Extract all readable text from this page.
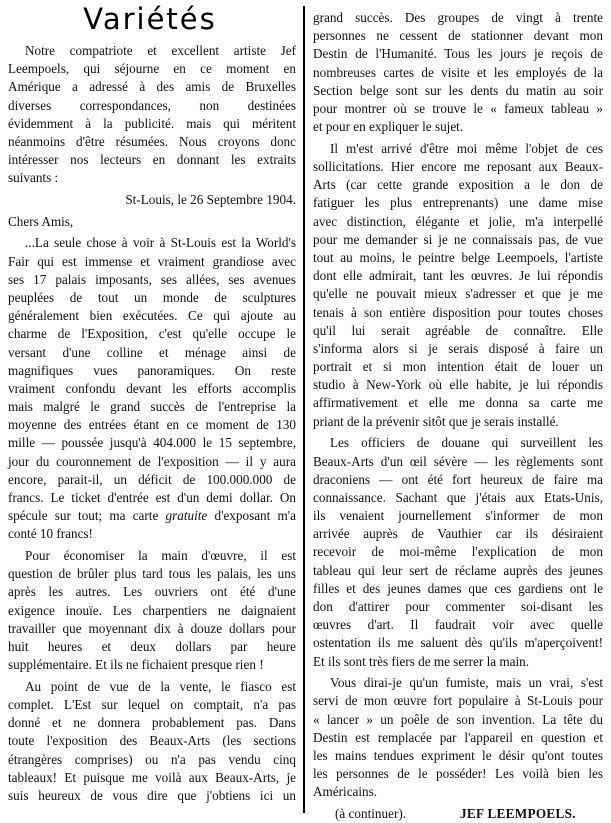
Variétés
Notre compatriote et excellent artiste Jef
Leempoels, qui séjourne en ce moment en
Amérique a adressé à des amis de Bruxelles
diverses correspondances, non destinées
évidemment à la publicité. mais qui méritent
néanmoins d'être résumées. Nous croyons donc
intéresser nos lecteurs en donnant les extraits
suivants :
St-Louis, le 26 Septembre 1904.
Chers Amis,
...La seule chose à voir à St-Louis est la World's
Fair qui est immense et vraiment grandiose avec
ses 17 palais imposants, ses allées, ses avenues
peuplées de tout un monde de sculptures
généralement bien exécutées. Ce qui ajoute au
charme de l'Exposition, c'est qu'elle occupe le
versant d'une colline et ménage ainsi de
magnifiques vues panoramiques. On reste
vraiment confondu devant les efforts accomplis
mais malgré le grand succès de l'entreprise la
moyenne des entrées étant en ce moment de 130
mille — poussée jusqu'à 404.000 le 15 septembre,
jour du couronnement de l'exposition — il y aura
encore, parait-il, un déficit de 100.000.000 de
francs. Le ticket d'entrée est d'un demi dollar. On
spécule sur tout; ma carte gratuite d'exposant m'a
conté 10 francs!
Pour économiser la main d'œuvre, il est
question de brûler plus tard tous les palais, les uns
après les autres. Les ouvriers ont été d'une
exigence inouïe. Les charpentiers ne daignaient
travailler que moyennant dix à douze dollars pour
huit heures et deux dollars par heure
supplémentaire. Et ils ne fichaient presque rien !
Au point de vue de la vente, le fiasco est
complet. L'Est sur lequel on comptait, n'a pas
donné et ne donnera probablement pas. Dans
toute l'exposition des Beaux-Arts (les sections
étrangères comprises) ou n'a pas vendu cinq
tableaux! Et puisque me voilà aux Beaux-Arts, je
suis heureux de vous dire que j'obtiens ici un
grand succès. Des groupes de vingt à trente
personnes ne cessent de stationner devant mon
Destin de l'Humanité. Tous les jours je reçois de
nombreuses cartes de visite et les employés de la
Section belge sont sur les dents du matin au soir
pour montrer où se trouve le « fameux tableau »
et pour en expliquer le sujet.
Il m'est arrivé d'être moi même l'objet de ces
sollicitations. Hier encore me reposant aux Beaux-
Arts (car cette grande exposition a le don de
fatiguer les plus entreprenants) une dame mise
avec distinction, élégante et jolie, m'a interpellé
pour me demander si je ne connaissais pas, de vue
tout au moins, le peintre belge Leempoels, l'artiste
dont elle admirait, tant les œuvres. Je lui répondis
qu'elle ne pouvait mieux s'adresser et que je me
tenais à son entière disposition pour toutes choses
qu'il lui serait agréable de connaître. Elle
s'informa alors si je serais disposé à faire un
portrait et si mon intention était de louer un
studio à New-York où elle habite, je lui répondis
affirmativement et elle me donna sa carte me
priant de la prévenir sitôt que je serais installé.
Les officiers de douane qui surveillent les
Beaux-Arts d'un œil sévère — les règlements sont
draconiens — ont été fort heureux de faire ma
connaissance. Sachant que j'étais aux Etats-Unis,
ils venaient journellement s'informer de mon
arrivée auprès de Vauthier car ils désiraient
recevoir de moi-même l'explication de mon
tableau qui leur sert de réclame auprès des jeunes
filles et des jeunes dames que ces gardiens ont le
don d'attirer pour commenter soi-disant les
œuvres d'art. Il faudrait voir avec quelle
ostentation ils me saluent dès qu'ils m'aperçoivent!
Et ils sont très fiers de me serrer la main.
Vous dirai-je qu'un fumiste, mais un vrai, s'est
servi de mon œuvre fort populaire à St-Louis pour
« lancer » un poêle de son invention. La tête du
Destin est remplacée par l'appareil en question et
les mains tendues expriment le désir qu'ont toutes
les personnes de le posséder! Les voilà bien les
Américains.
(à continuer).	JEF LEEMPOELS.
